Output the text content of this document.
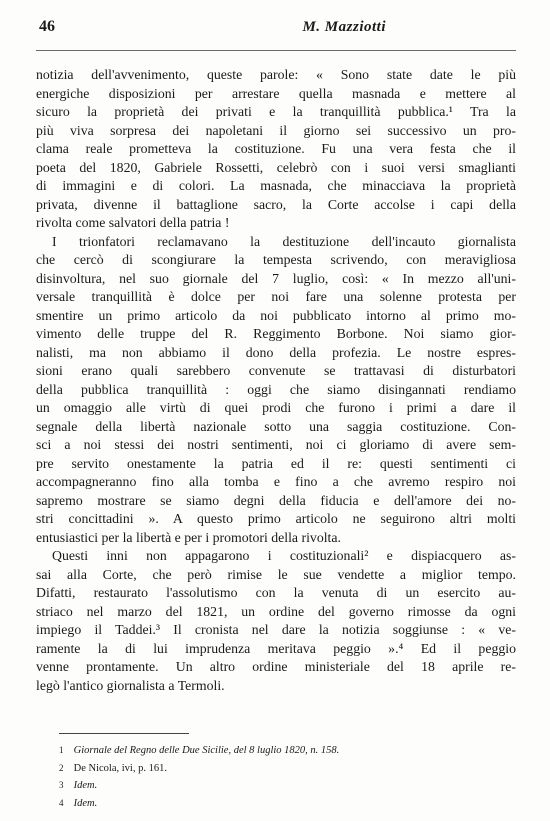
46	M. Mazziotti
notizia dell'avvenimento, queste parole: « Sono state date le più
energiche disposizioni per arrestare quella masnada e mettere al
sicuro la proprietà dei privati e la tranquillità pubblica.¹ Tra la
più viva sorpresa dei napoletani il giorno sei successivo un pro-
clama reale prometteva la costituzione. Fu una vera festa che il
poeta del 1820, Gabriele Rossetti, celebrò con i suoi versi smaglianti
di immagini e di colori. La masnada, che minacciava la proprietà
privata, divenne il battaglione sacro, la Corte accolse i capi della
rivolta come salvatori della patria !
I trionfatori reclamavano la destituzione dell'incauto giornalista
che cercò di scongiurare la tempesta scrivendo, con meravigliosa
disinvoltura, nel suo giornale del 7 luglio, così: « In mezzo all'uni-
versale tranquillità è dolce per noi fare una solenne protesta per
smentire un primo articolo da noi pubblicato intorno al primo mo-
vimento delle truppe del R. Reggimento Borbone. Noi siamo gior-
nalisti, ma non abbiamo il dono della profezia. Le nostre espres-
sioni erano quali sarebbero convenute se trattavasi di disturbatori
della pubblica tranquillità : oggi che siamo disingannati rendiamo
un omaggio alle virtù di quei prodi che furono i primi a dare il
segnale della libertà nazionale sotto una saggia costituzione. Con-
sci a noi stessi dei nostri sentimenti, noi ci gloriamo di avere sem-
pre servito onestamente la patria ed il re: questi sentimenti ci
accompagneranno fino alla tomba e fino a che avremo respiro noi
sapremo mostrare se siamo degni della fiducia e dell'amore dei no-
stri concittadini ». A questo primo articolo ne seguirono altri molti
entusiastici per la libertà e per i promotori della rivolta.
Questi inni non appagarono i costituzionali² e dispiacquero as-
sai alla Corte, che però rimise le sue vendette a miglior tempo.
Difatti, restaurato l'assolutismo con la venuta di un esercito au-
striaco nel marzo del 1821, un ordine del governo rimosse da ogni
impiego il Taddei.³ Il cronista nel dare la notizia soggiunse : « ve-
ramente la di lui imprudenza meritava peggio ».⁴ Ed il peggio
venne prontamente. Un altro ordine ministeriale del 18 aprile re-
legò l'antico giornalista a Termoli.
1 Giornale del Regno delle Due Sicilie, del 8 luglio 1820, n. 158.
2 De Nicola, ivi, p. 161.
3 Idem.
4 Idem.
